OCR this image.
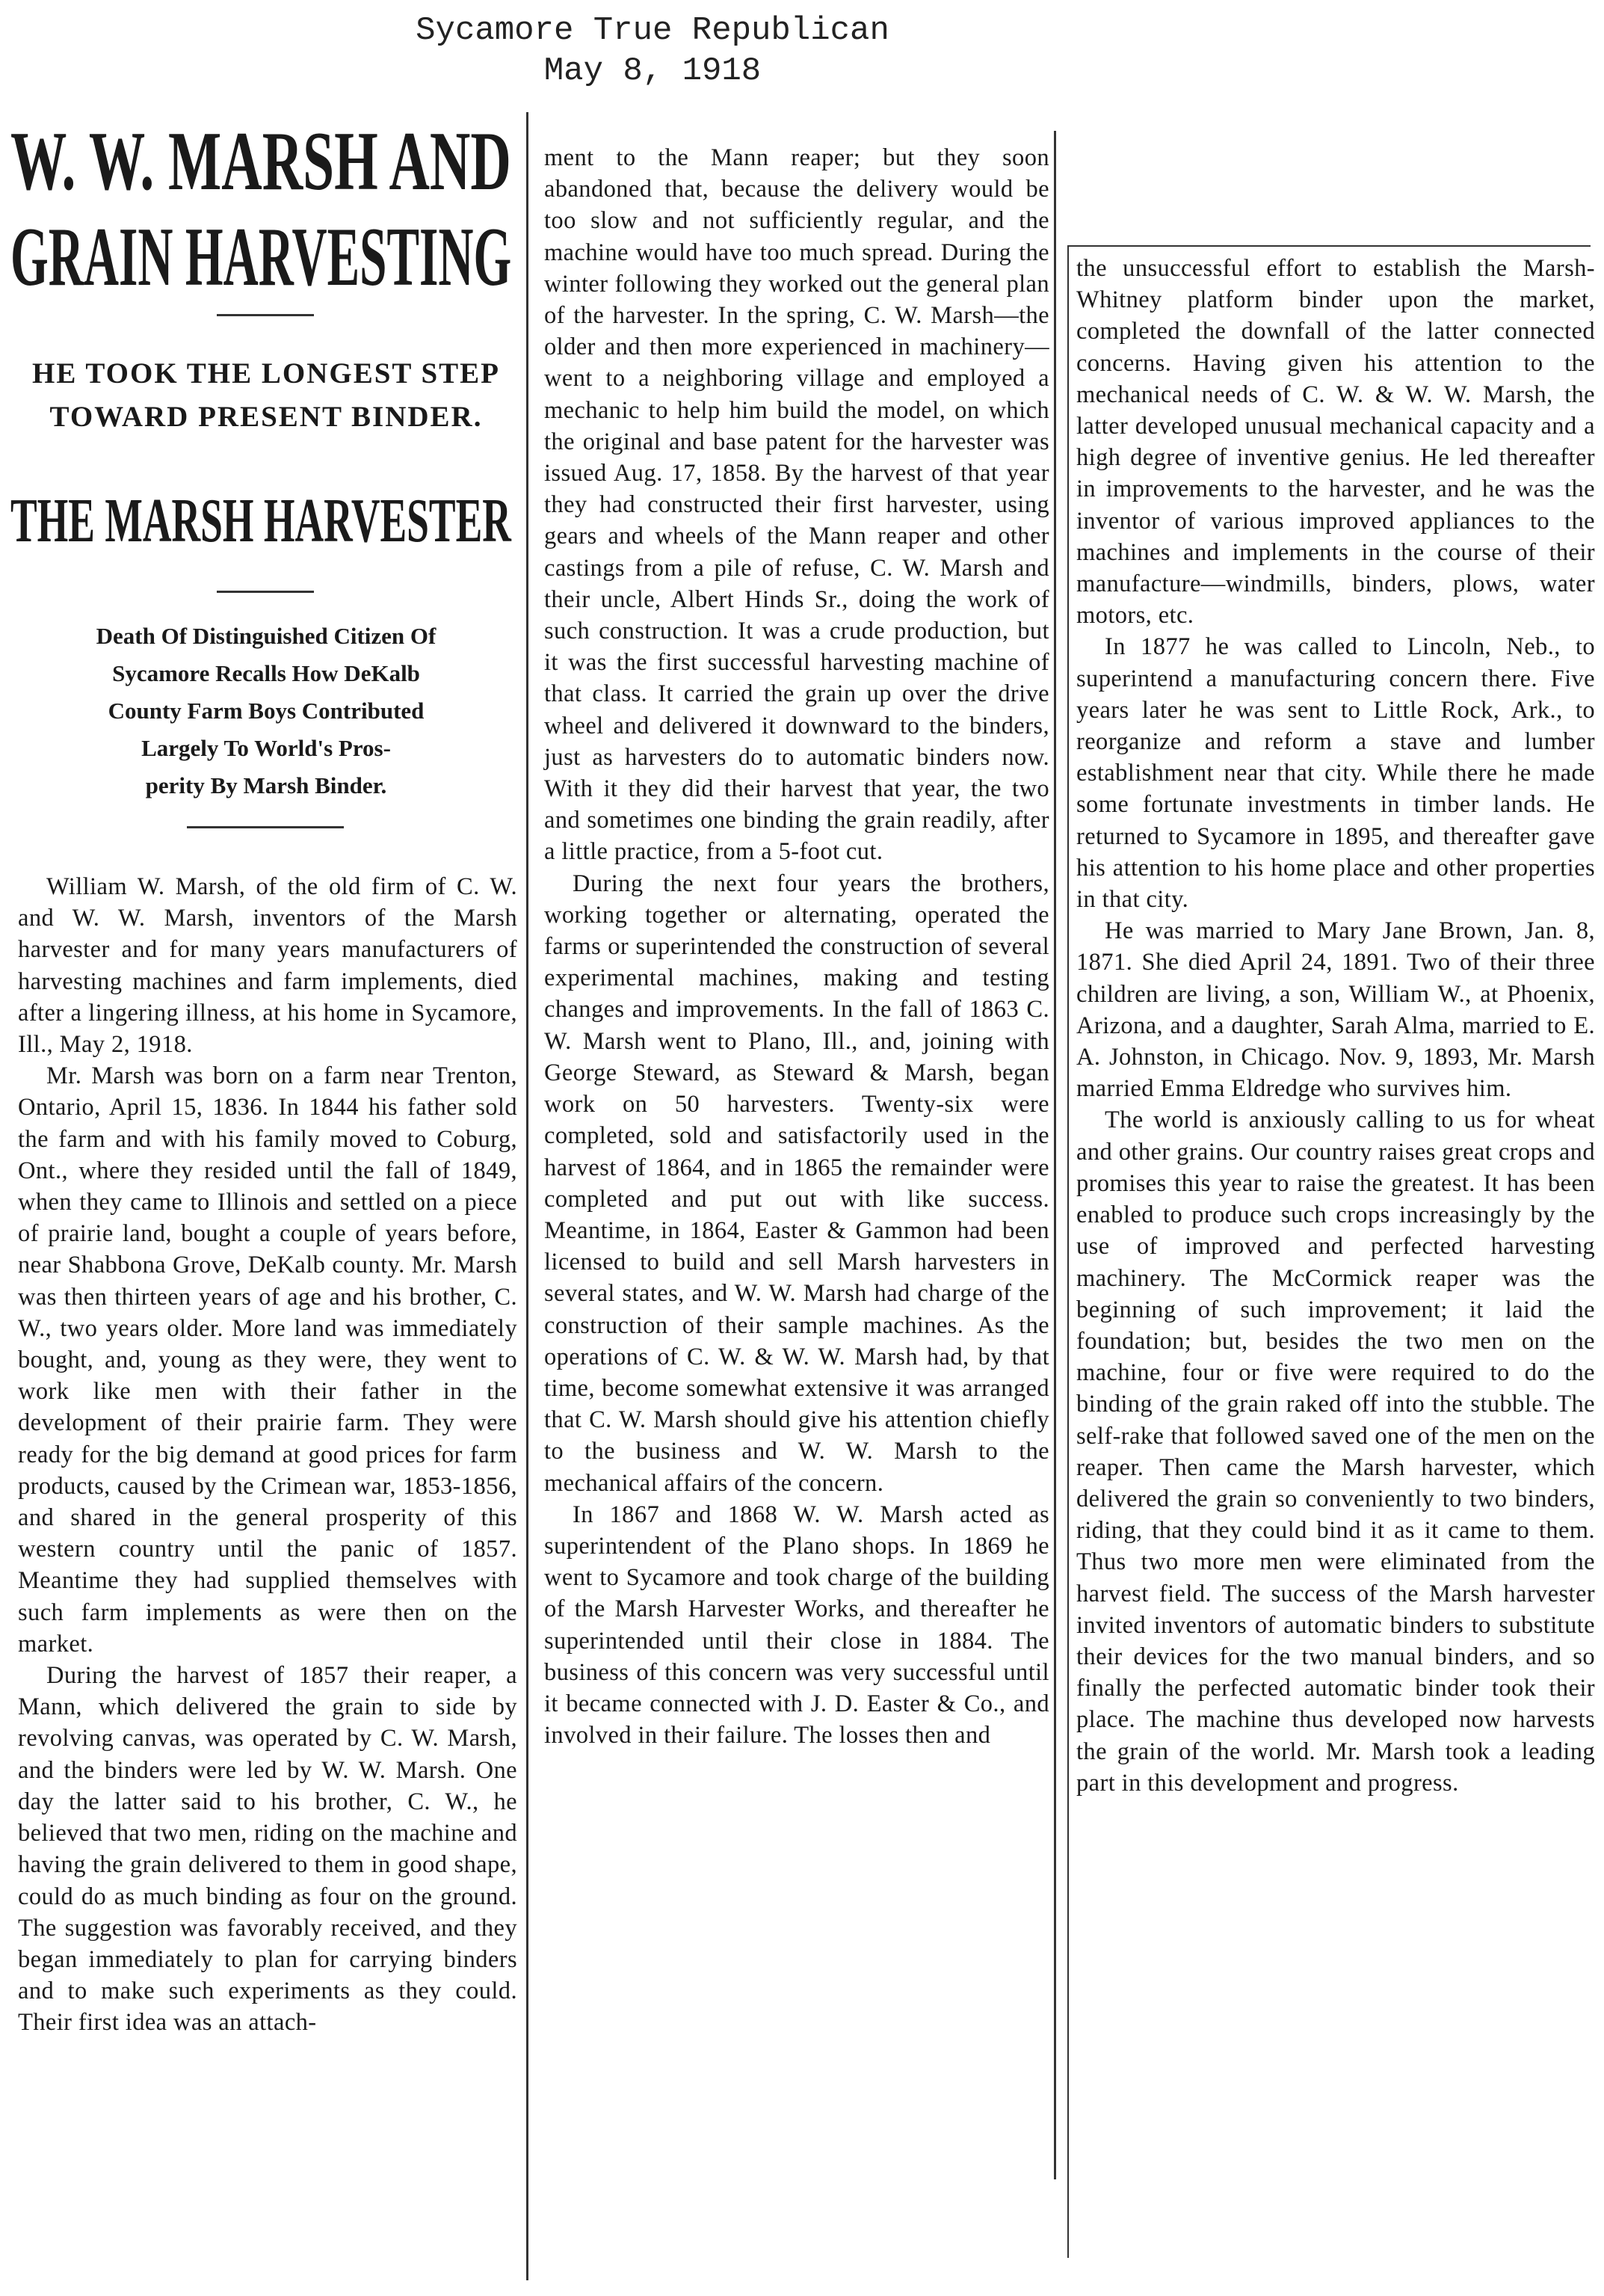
Sycamore True Republican
May 8, 1918
W. W. MARSH AND
GRAIN HARVESTING
HE TOOK THE LONGEST STEP
TOWARD PRESENT BINDER.
THE MARSH HARVESTER
Death Of Distinguished Citizen Of
Sycamore Recalls How DeKalb
County Farm Boys Contributed
Largely To World's Pros-
perity By Marsh Binder.

William W. Marsh, of the old firm of C. W. and W. W. Marsh, inventors of the Marsh harvester and for many years manufacturers of harvesting machines and farm implements, died after a lingering illness, at his home in Sycamore, Ill., May 2, 1918.

Mr. Marsh was born on a farm near Trenton, Ontario, April 15, 1836. In 1844 his father sold the farm and with his family moved to Coburg, Ont., where they resided until the fall of 1849, when they came to Illinois and settled on a piece of prairie land, bought a couple of years before, near Shabbona Grove, DeKalb county. Mr. Marsh was then thirteen years of age and his brother, C. W., two years older. More land was immediately bought, and, young as they were, they went to work like men with their father in the development of their prairie farm. They were ready for the big demand at good prices for farm products, caused by the Crimean war, 1853-1856, and shared in the general prosperity of this western country until the panic of 1857. Meantime they had supplied themselves with such farm implements as were then on the market.

During the harvest of 1857 their reaper, a Mann, which delivered the grain to side by revolving canvas, was operated by C. W. Marsh, and the binders were led by W. W. Marsh. One day the latter said to his brother, C. W., he believed that two men, riding on the machine and having the grain delivered to them in good shape, could do as much binding as four on the ground. The suggestion was favorably received, and they began immediately to plan for carrying binders and to make such experiments as they could. Their first idea was an attach-

ment to the Mann reaper; but they soon abandoned that, because the delivery would be too slow and not sufficiently regular, and the machine would have too much spread. During the winter following they worked out the general plan of the harvester. In the spring, C. W. Marsh—the older and then more experienced in machinery—went to a neighboring village and employed a mechanic to help him build the model, on which the original and base patent for the harvester was issued Aug. 17, 1858. By the harvest of that year they had constructed their first harvester, using gears and wheels of the Mann reaper and other castings from a pile of refuse, C. W. Marsh and their uncle, Albert Hinds Sr., doing the work of such construction. It was a crude production, but it was the first successful harvesting machine of that class. It carried the grain up over the drive wheel and delivered it downward to the binders, just as harvesters do to automatic binders now. With it they did their harvest that year, the two and sometimes one binding the grain readily, after a little practice, from a 5-foot cut.

During the next four years the brothers, working together or alternating, operated the farms or superintended the construction of several experimental machines, making and testing changes and improvements. In the fall of 1863 C. W. Marsh went to Plano, Ill., and, joining with George Steward, as Steward & Marsh, began work on 50 harvesters. Twenty-six were completed, sold and satisfactorily used in the harvest of 1864, and in 1865 the remainder were completed and put out with like success. Meantime, in 1864, Easter & Gammon had been licensed to build and sell Marsh harvesters in several states, and W. W. Marsh had charge of the construction of their sample machines. As the operations of C. W. & W. W. Marsh had, by that time, become somewhat extensive it was arranged that C. W. Marsh should give his attention chiefly to the business and W. W. Marsh to the mechanical affairs of the concern.

In 1867 and 1868 W. W. Marsh acted as superintendent of the Plano shops. In 1869 he went to Sycamore and took charge of the building of the Marsh Harvester Works, and thereafter he superintended until their close in 1884. The business of this concern was very successful until it became connected with J. D. Easter & Co., and involved in their failure. The losses then and

the unsuccessful effort to establish the Marsh-Whitney platform binder upon the market, completed the downfall of the latter connected concerns. Having given his attention to the mechanical needs of C. W. & W. W. Marsh, the latter developed unusual mechanical capacity and a high degree of inventive genius. He led thereafter in improvements to the harvester, and he was the inventor of various improved appliances to the machines and implements in the course of their manufacture—windmills, binders, plows, water motors, etc.

In 1877 he was called to Lincoln, Neb., to superintend a manufacturing concern there. Five years later he was sent to Little Rock, Ark., to reorganize and reform a stave and lumber establishment near that city. While there he made some fortunate investments in timber lands. He returned to Sycamore in 1895, and thereafter gave his attention to his home place and other properties in that city.

He was married to Mary Jane Brown, Jan. 8, 1871. She died April 24, 1891. Two of their three children are living, a son, William W., at Phoenix, Arizona, and a daughter, Sarah Alma, married to E. A. Johnston, in Chicago. Nov. 9, 1893, Mr. Marsh married Emma Eldredge who survives him.

The world is anxiously calling to us for wheat and other grains. Our country raises great crops and promises this year to raise the greatest. It has been enabled to produce such crops increasingly by the use of improved and perfected harvesting machinery. The McCormick reaper was the beginning of such improvement; it laid the foundation; but, besides the two men on the machine, four or five were required to do the binding of the grain raked off into the stubble. The self-rake that followed saved one of the men on the reaper. Then came the Marsh harvester, which delivered the grain so conveniently to two binders, riding, that they could bind it as it came to them. Thus two more men were eliminated from the harvest field. The success of the Marsh harvester invited inventors of automatic binders to substitute their devices for the two manual binders, and so finally the perfected automatic binder took their place. The machine thus developed now harvests the grain of the world. Mr. Marsh took a leading part in this development and progress.
